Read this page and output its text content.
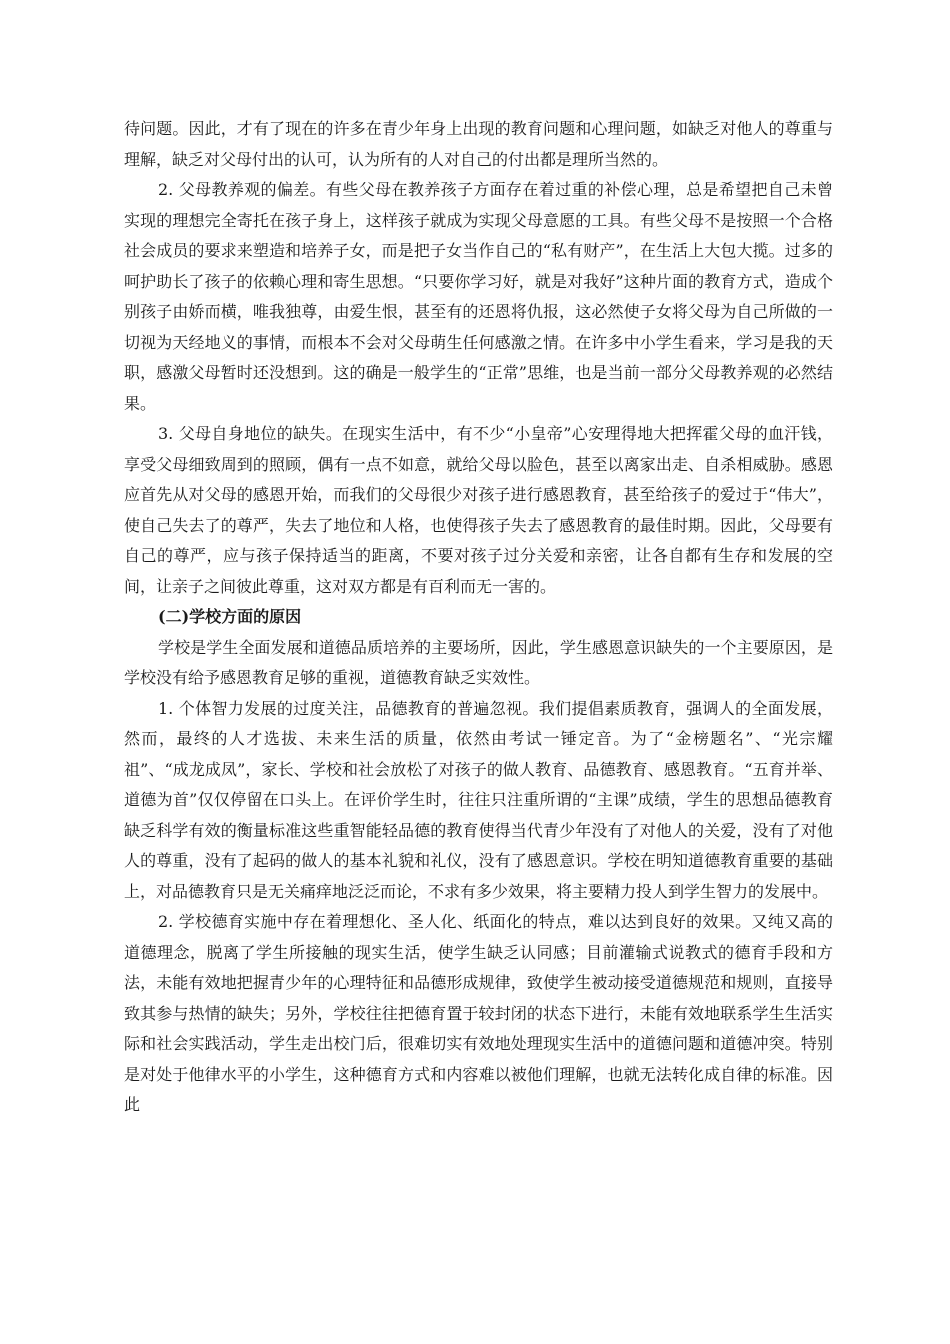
待问题。因此，才有了现在的许多在青少年身上出现的教育问题和心理问题，如缺乏对他人的尊重与理解，缺乏对父母付出的认可，认为所有的人对自己的付出都是理所当然的。

2. 父母教养观的偏差。有些父母在教养孩子方面存在着过重的补偿心理，总是希望把自己未曾实现的理想完全寄托在孩子身上，这样孩子就成为实现父母意愿的工具。有些父母不是按照一个合格社会成员的要求来塑造和培养子女，而是把子女当作自己的“私有财产”，在生活上大包大揽。过多的呵护助长了孩子的依赖心理和寄生思想。“只要你学习好，就是对我好”这种片面的教育方式，造成个别孩子由娇而横，唯我独尊，由爱生恨，甚至有的还恩将仇报，这必然使子女将父母为自己所做的一切视为天经地义的事情，而根本不会对父母萌生任何感激之情。在许多中小学生看来，学习是我的天职，感激父母暂时还没想到。这的确是一般学生的“正常”思维，也是当前一部分父母教养观的必然结果。

3. 父母自身地位的缺失。在现实生活中，有不少“小皇帝”心安理得地大把挥霍父母的血汗钱，享受父母细致周到的照顾，偶有一点不如意，就给父母以脸色，甚至以离家出走、自杀相威胁。感恩应首先从对父母的感恩开始，而我们的父母很少对孩子进行感恩教育，甚至给孩子的爱过于“伟大”，使自己失去了的尊严，失去了地位和人格，也使得孩子失去了感恩教育的最佳时期。因此，父母要有自己的尊严，应与孩子保持适当的距离，不要对孩子过分关爱和亲密，让各自都有生存和发展的空间，让亲子之间彼此尊重，这对双方都是有百利而无一害的。

(二)学校方面的原因

学校是学生全面发展和道德品质培养的主要场所，因此，学生感恩意识缺失的一个主要原因，是学校没有给予感恩教育足够的重视，道德教育缺乏实效性。

1. 个体智力发展的过度关注，品德教育的普遍忽视。我们提倡素质教育，强调人的全面发展，然而，最终的人才选拔、未来生活的质量，依然由考试一锤定音。为了“金榜题名”、“光宗耀祖”、“成龙成凤”，家长、学校和社会放松了对孩子的做人教育、品德教育、感恩教育。“五育并举、道德为首”仅仅停留在口头上。在评价学生时，往往只注重所谓的“主课”成绩，学生的思想品德教育缺乏科学有效的衡量标准这些重智能轻品德的教育使得当代青少年没有了对他人的关爱，没有了对他人的尊重，没有了起码的做人的基本礼貌和礼仪，没有了感恩意识。学校在明知道德教育重要的基础上，对品德教育只是无关痛痒地泛泛而论，不求有多少效果，将主要精力投人到学生智力的发展中。

2. 学校德育实施中存在着理想化、圣人化、纸面化的特点，难以达到良好的效果。又纯又高的道德理念，脱离了学生所接触的现实生活，使学生缺乏认同感；目前灌输式说教式的德育手段和方法，未能有效地把握青少年的心理特征和品德形成规律，致使学生被动接受道德规范和规则，直接导致其参与热情的缺失；另外，学校往往把德育置于较封闭的状态下进行，未能有效地联系学生生活实际和社会实践活动，学生走出校门后，很难切实有效地处理现实生活中的道德问题和道德冲突。特别是对处于他律水平的小学生，这种德育方式和内容难以被他们理解，也就无法转化成自律的标准。因此
